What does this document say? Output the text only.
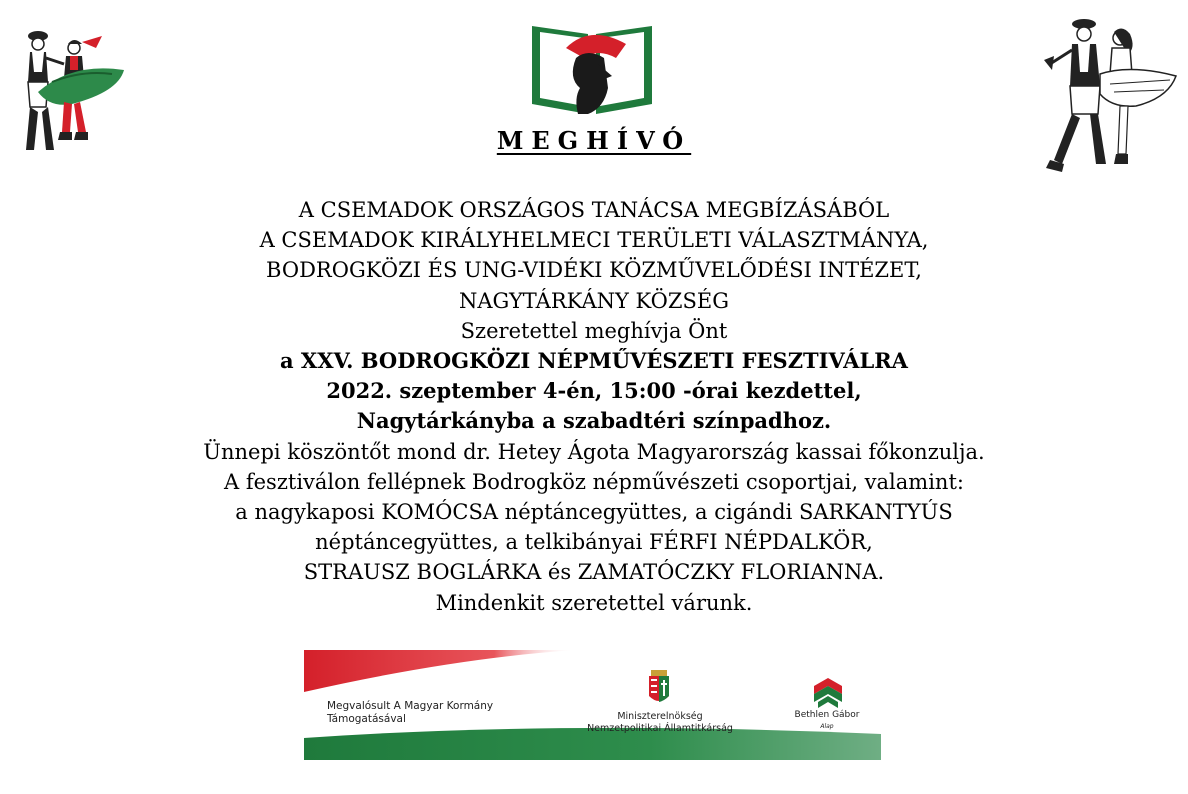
MEGHÍVÓ
A CSEMADOK ORSZÁGOS TANÁCSA MEGBÍZÁSÁBÓL
A CSEMADOK KIRÁLYHELMECI TERÜLETI VÁLASZTMÁNYA,
BODROGKÖZI ÉS UNG-VIDÉKI KÖZMŰVELŐDÉSI INTÉZET,
NAGYTÁRKÁNY KÖZSÉG
Szeretettel meghívja Önt
a XXV. BODROGKÖZI NÉPMŰVÉSZETI FESZTIVÁLRA
2022. szeptember 4-én, 15:00 -órai kezdettel,
Nagytárkányba a szabadtéri színpadhoz.
Ünnepi köszöntőt mond dr. Hetey Ágota Magyarország kassai főkonzulja.
A fesztiválon fellépnek Bodrogköz népművészeti csoportjai, valamint:
a nagykaposi KOMÓCSA néptáncegyüttes, a cigándi SARKANTYÚS
néptáncegyüttes, a telkibányai FÉRFI NÉPDALKÖR,
STRAUSZ BOGLÁRKA és ZAMATÓCZKY FLORIANNA.
Mindenkit szeretettel várunk.
Megvalósult A Magyar Kormány
Támogatásával	Miniszterelnökség
Nemzetpolitikai Államtitkárság
Bethlen Gábor
Alap
